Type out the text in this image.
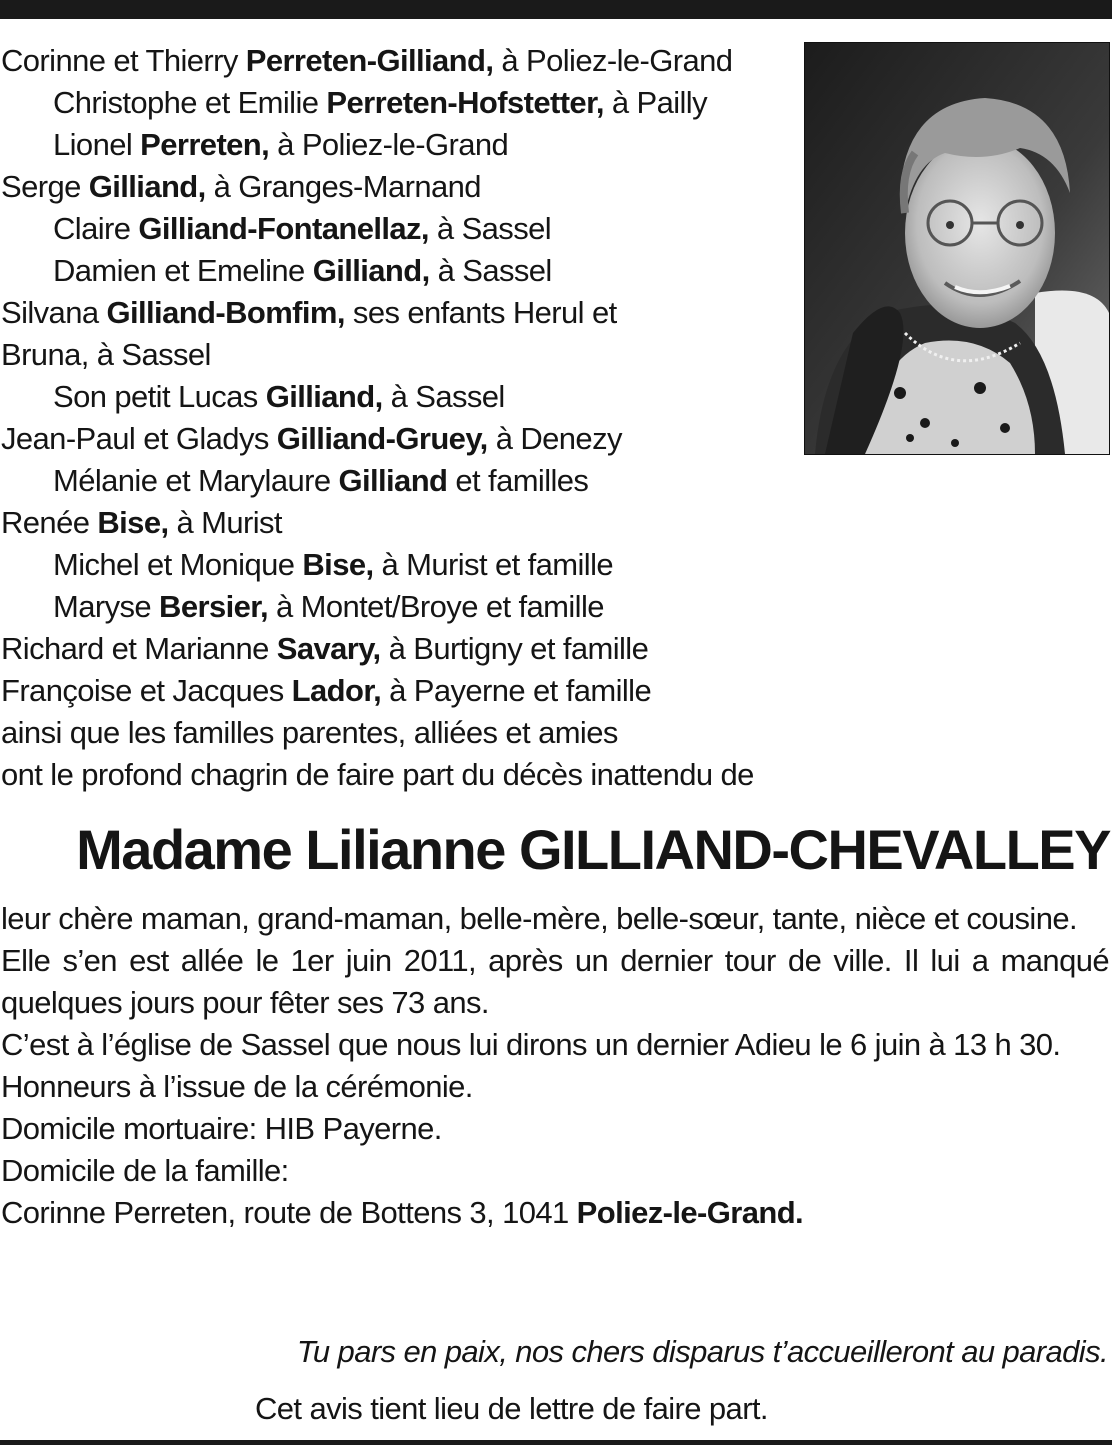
Corinne et Thierry Perreten-Gilliand, à Poliez-le-Grand
Christophe et Emilie Perreten-Hofstetter, à Pailly
Lionel Perreten, à Poliez-le-Grand
Serge Gilliand, à Granges-Marnand
Claire Gilliand-Fontanellaz, à Sassel
Damien et Emeline Gilliand, à Sassel
Silvana Gilliand-Bomfim, ses enfants Herul et Bruna, à Sassel
Son petit Lucas Gilliand, à Sassel
Jean-Paul et Gladys Gilliand-Gruey, à Denezy
Mélanie et Marylaure Gilliand et familles
Renée Bise, à Murist
Michel et Monique Bise, à Murist et famille
Maryse Bersier, à Montet/Broye et famille
Richard et Marianne Savary, à Burtigny et famille
Françoise et Jacques Lador, à Payerne et famille
ainsi que les familles parentes, alliées et amies
ont le profond chagrin de faire part du décès inattendu de
Madame Lilianne GILLIAND-CHEVALLEY

leur chère maman, grand-maman, belle-mère, belle-sœur, tante, nièce et cousine.

Elle s’en est allée le 1er juin 2011, après un dernier tour de ville. Il lui a manqué quelques jours pour fêter ses 73 ans.

C’est à l’église de Sassel que nous lui dirons un dernier Adieu le 6 juin à 13 h 30.

Honneurs à l’issue de la cérémonie.

Domicile mortuaire: HIB Payerne.

Domicile de la famille:

Corinne Perreten, route de Bottens 3, 1041 Poliez-le-Grand.

Tu pars en paix, nos chers disparus t’accueilleront au paradis.
Cet avis tient lieu de lettre de faire part.
